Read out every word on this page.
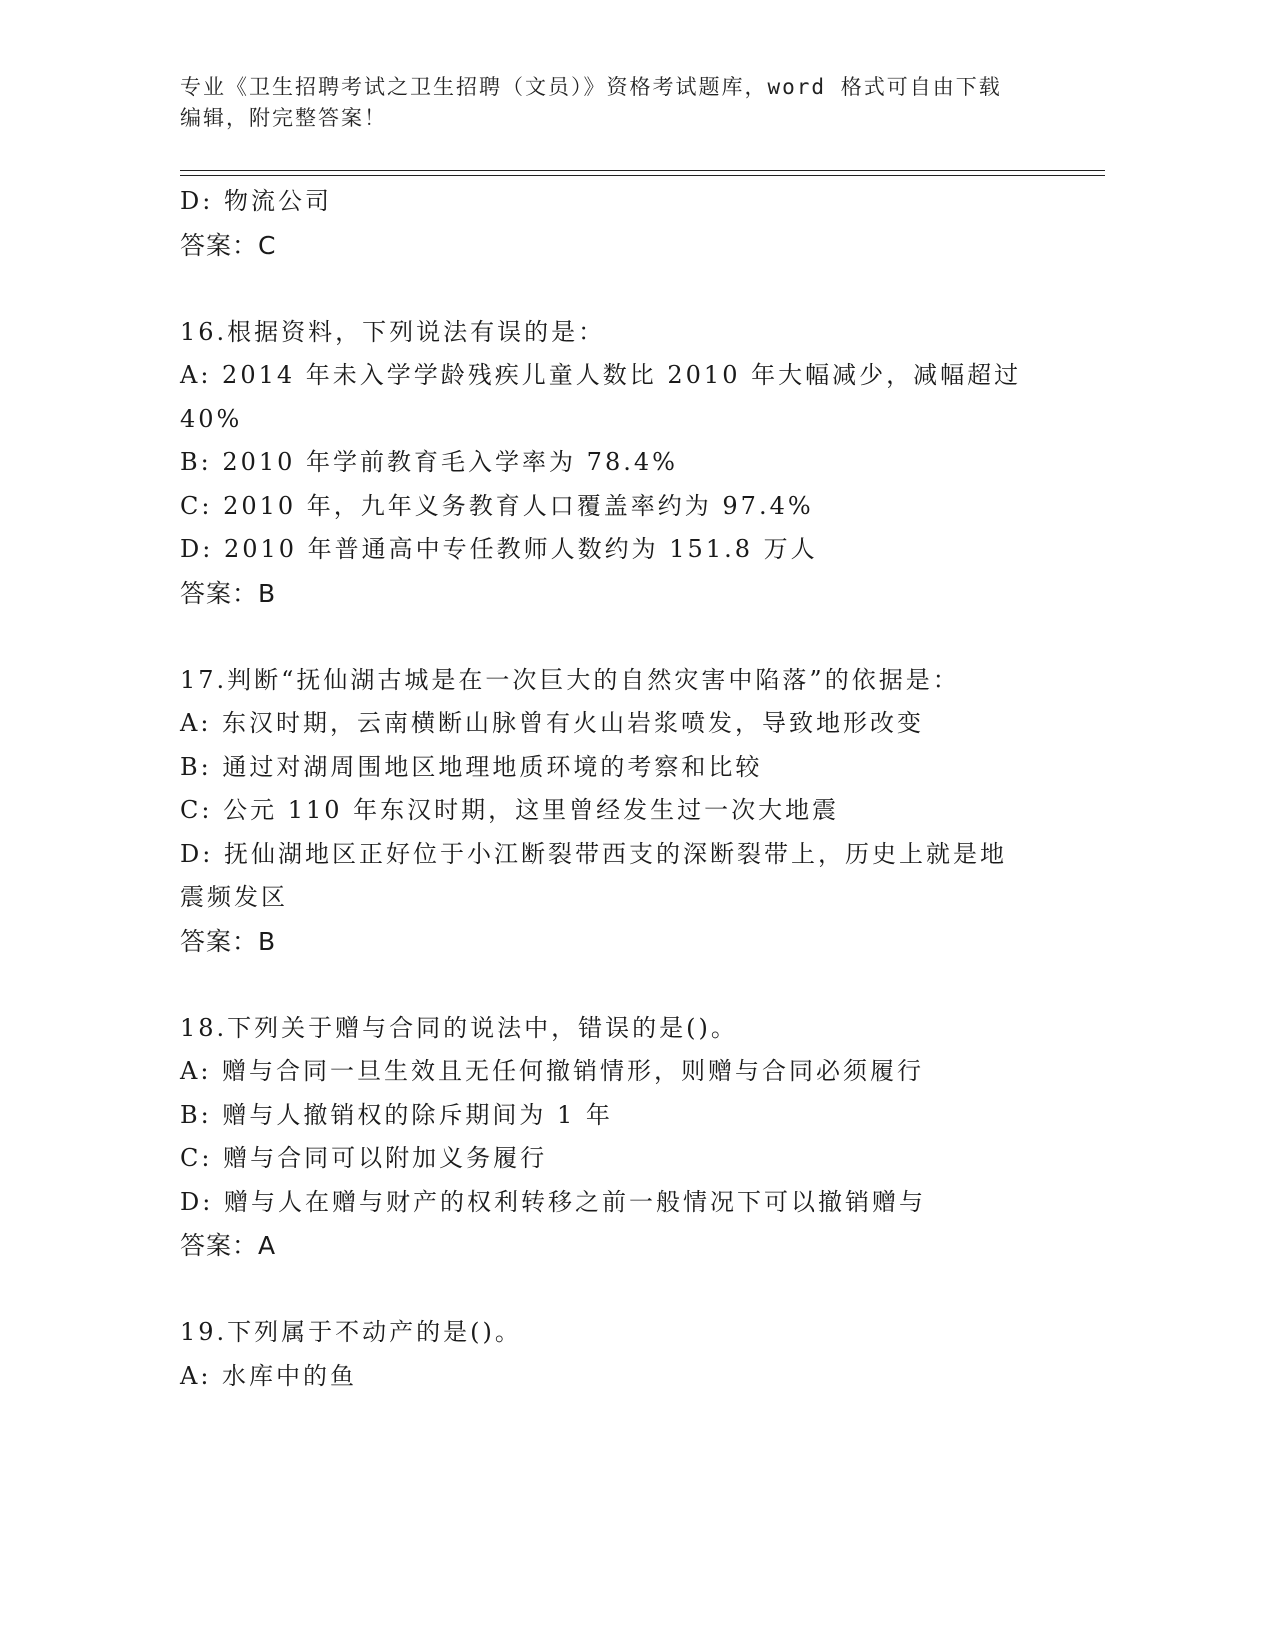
专业《卫生招聘考试之卫生招聘（文员）》资格考试题库，word 格式可自由下载
编辑，附完整答案！
D: 物流公司
答案：C
16.根据资料，下列说法有误的是：
A: 2014 年未入学学龄残疾儿童人数比 2010 年大幅减少，减幅超过
40%
B: 2010 年学前教育毛入学率为 78.4%
C: 2010 年，九年义务教育人口覆盖率约为 97.4%
D: 2010 年普通高中专任教师人数约为 151.8 万人
答案：B
17.判断“抚仙湖古城是在一次巨大的自然灾害中陷落”的依据是：
A: 东汉时期，云南横断山脉曾有火山岩浆喷发，导致地形改变
B: 通过对湖周围地区地理地质环境的考察和比较
C: 公元 110 年东汉时期，这里曾经发生过一次大地震
D: 抚仙湖地区正好位于小江断裂带西支的深断裂带上，历史上就是地
震频发区
答案：B
18.下列关于赠与合同的说法中，错误的是()。
A: 赠与合同一旦生效且无任何撤销情形，则赠与合同必须履行
B: 赠与人撤销权的除斥期间为 1 年
C: 赠与合同可以附加义务履行
D: 赠与人在赠与财产的权利转移之前一般情况下可以撤销赠与
答案：A
19.下列属于不动产的是()。
A: 水库中的鱼
